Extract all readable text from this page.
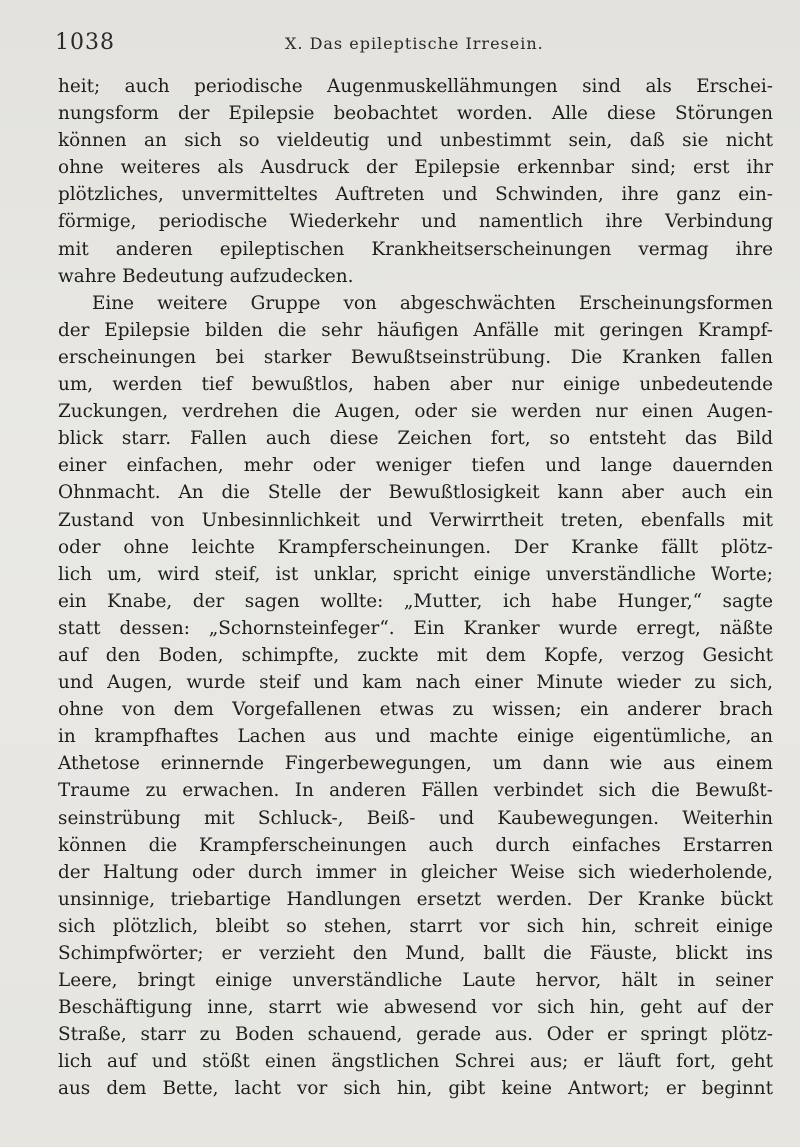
1038	X. Das epileptische Irresein.
heit; auch periodische Augenmuskellähmungen sind als Erschei-
nungsform der Epilepsie beobachtet worden. Alle diese Störungen
können an sich so vieldeutig und unbestimmt sein, daß sie nicht
ohne weiteres als Ausdruck der Epilepsie erkennbar sind; erst ihr
plötzliches, unvermitteltes Auftreten und Schwinden, ihre ganz ein-
förmige, periodische Wiederkehr und namentlich ihre Verbindung
mit anderen epileptischen Krankheitserscheinungen vermag ihre
wahre Bedeutung aufzudecken.
Eine weitere Gruppe von abgeschwächten Erscheinungsformen
der Epilepsie bilden die sehr häufigen Anfälle mit geringen Krampf-
erscheinungen bei starker Bewußtseinstrübung. Die Kranken fallen
um, werden tief bewußtlos, haben aber nur einige unbedeutende
Zuckungen, verdrehen die Augen, oder sie werden nur einen Augen-
blick starr. Fallen auch diese Zeichen fort, so entsteht das Bild
einer einfachen, mehr oder weniger tiefen und lange dauernden
Ohnmacht. An die Stelle der Bewußtlosigkeit kann aber auch ein
Zustand von Unbesinnlichkeit und Verwirrtheit treten, ebenfalls mit
oder ohne leichte Krampferscheinungen. Der Kranke fällt plötz-
lich um, wird steif, ist unklar, spricht einige unverständliche Worte;
ein Knabe, der sagen wollte: „Mutter, ich habe Hunger,“ sagte
statt dessen: „Schornsteinfeger“. Ein Kranker wurde erregt, näßte
auf den Boden, schimpfte, zuckte mit dem Kopfe, verzog Gesicht
und Augen, wurde steif und kam nach einer Minute wieder zu sich,
ohne von dem Vorgefallenen etwas zu wissen; ein anderer brach
in krampfhaftes Lachen aus und machte einige eigentümliche, an
Athetose erinnernde Fingerbewegungen, um dann wie aus einem
Traume zu erwachen. In anderen Fällen verbindet sich die Bewußt-
seinstrübung mit Schluck-, Beiß- und Kaubewegungen. Weiterhin
können die Krampferscheinungen auch durch einfaches Erstarren
der Haltung oder durch immer in gleicher Weise sich wiederholende,
unsinnige, triebartige Handlungen ersetzt werden. Der Kranke bückt
sich plötzlich, bleibt so stehen, starrt vor sich hin, schreit einige
Schimpfwörter; er verzieht den Mund, ballt die Fäuste, blickt ins
Leere, bringt einige unverständliche Laute hervor, hält in seiner
Beschäftigung inne, starrt wie abwesend vor sich hin, geht auf der
Straße, starr zu Boden schauend, gerade aus. Oder er springt plötz-
lich auf und stößt einen ängstlichen Schrei aus; er läuft fort, geht
aus dem Bette, lacht vor sich hin, gibt keine Antwort; er beginnt
